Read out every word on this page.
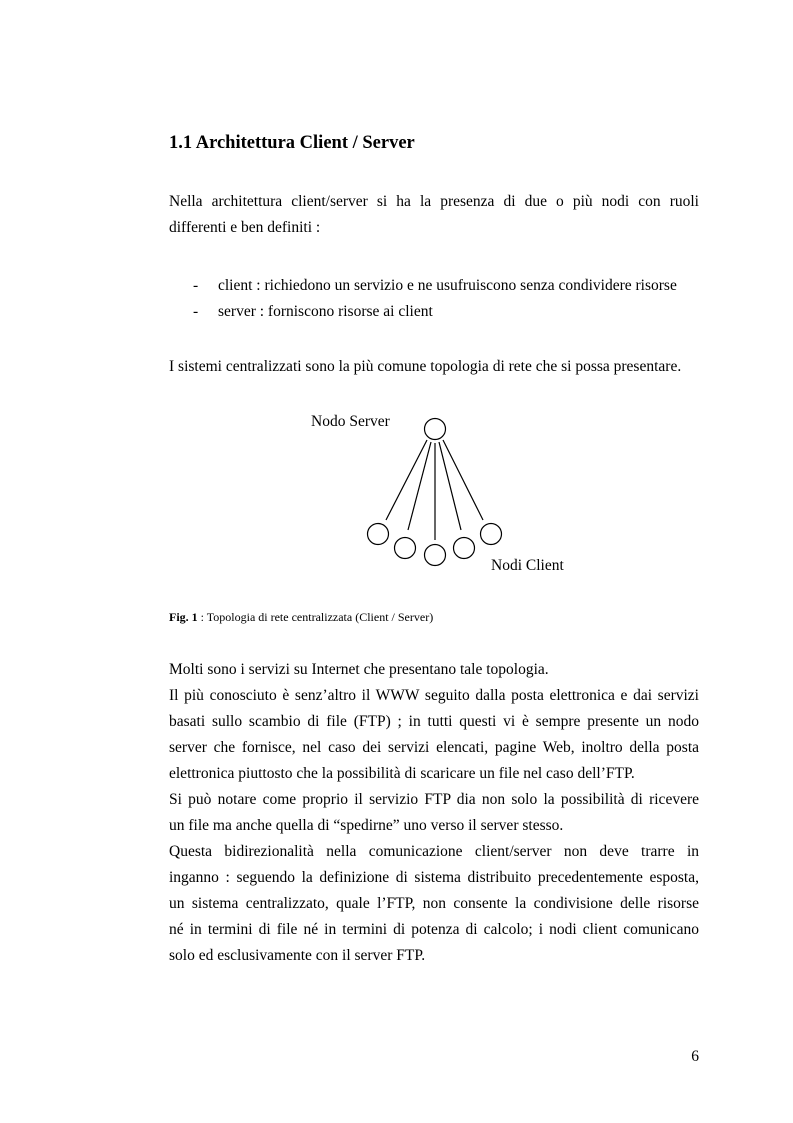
1.1 Architettura Client / Server

Nella architettura client/server si ha la presenza di due o più nodi con ruoli
differenti e ben definiti :

- client : richiedono un servizio e ne usufruiscono senza condividere risorse
- server : forniscono risorse ai client

I sistemi centralizzati sono la più comune topologia di rete che si possa presentare.

Nodo Server
Nodi Client

Fig. 1 : Topologia di rete centralizzata (Client / Server)

Molti sono i servizi su Internet che presentano tale topologia.
Il più conosciuto è senz’altro il WWW seguito dalla posta elettronica e dai servizi
basati sullo scambio di file (FTP) ; in tutti questi vi è sempre presente un nodo
server che fornisce, nel caso dei servizi elencati, pagine Web, inoltro della posta
elettronica piuttosto che la possibilità di scaricare un file nel caso dell’FTP.
Si può notare come proprio il servizio FTP dia non solo la possibilità di ricevere
un file ma anche quella di “spedirne” uno verso il server stesso.
Questa bidirezionalità nella comunicazione client/server non deve trarre in
inganno : seguendo la definizione di sistema distribuito precedentemente esposta,
un sistema centralizzato, quale l’FTP, non consente la condivisione delle risorse
né in termini di file né in termini di potenza di calcolo; i nodi client comunicano
solo ed esclusivamente con il server FTP.

6
